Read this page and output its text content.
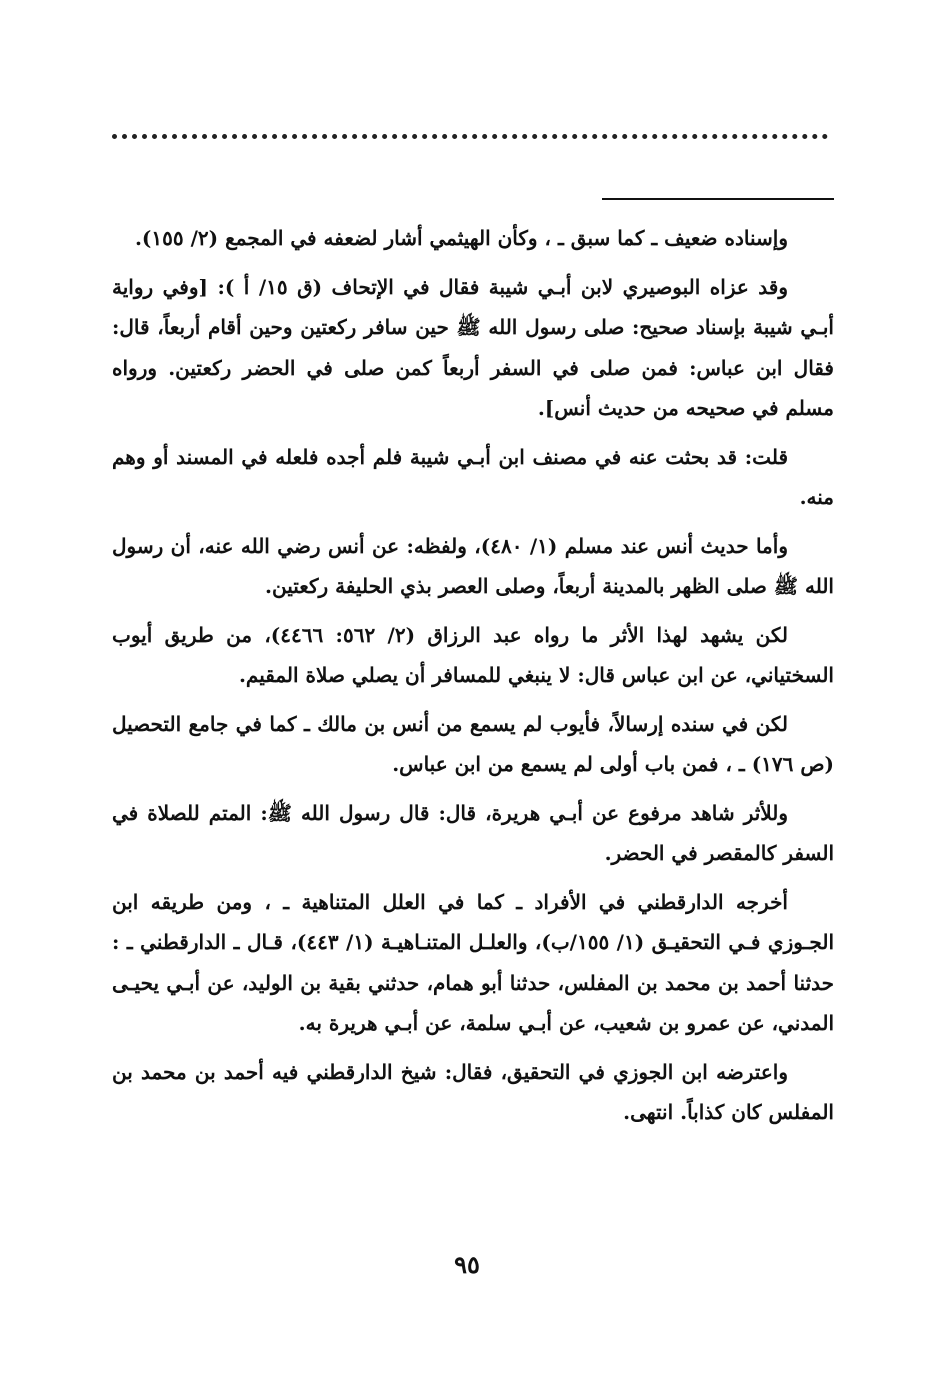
وإسناده ضعيف ـ كما سبق ـ ، وكأن الهيثمي أشار لضعفه في المجمع (٢/ ١٥٥).

وقد عزاه البوصيري لابن أبـي شيبة فقال في الإتحاف (ق ١٥/ أ ): [وفي رواية أبـي شيبة بإسناد صحيح: صلى رسول الله ﷺ حين سافر ركعتين وحين أقام أربعاً، قال: فقال ابن عباس: فمن صلى في السفر أربعاً كمن صلى في الحضر ركعتين. ورواه مسلم في صحيحه من حديث أنس].

قلت: قد بحثت عنه في مصنف ابن أبـي شيبة فلم أجده فلعله في المسند أو وهم منه.

وأما حديث أنس عند مسلم (١/ ٤٨٠)، ولفظه: عن أنس رضي الله عنه، أن رسول الله ﷺ صلى الظهر بالمدينة أربعاً، وصلى العصر بذي الحليفة ركعتين.

لكن يشهد لهذا الأثر ما رواه عبد الرزاق (٢/ ٥٦٢: ٤٤٦٦)، من طريق أيوب السختياني، عن ابن عباس قال: لا ينبغي للمسافر أن يصلي صلاة المقيم.

لكن في سنده إرسالاً، فأيوب لم يسمع من أنس بن مالك ـ كما في جامع التحصيل (ص ١٧٦) ـ ، فمن باب أولى لم يسمع من ابن عباس.

وللأثر شاهد مرفوع عن أبـي هريرة، قال: قال رسول الله ﷺ: المتم للصلاة في السفر كالمقصر في الحضر.

أخرجه الدارقطني في الأفراد ـ كما في العلل المتناهية ـ ، ومن طريقه ابن الجـوزي فـي التحقيـق (١/ ١٥٥/ب)، والعلـل المتنـاهيـة (١/ ٤٤٣)، قـال ـ الدارقطني ـ : حدثنا أحمد بن محمد بن المفلس، حدثنا أبو همام، حدثني بقية بن الوليد، عن أبـي يحيـى المدني، عن عمرو بن شعيب، عن أبـي سلمة، عن أبـي هريرة به.

واعترضه ابن الجوزي في التحقيق، فقال: شيخ الدارقطني فيه أحمد بن محمد بن المفلس كان كذاباً. انتهى.

٩٥
